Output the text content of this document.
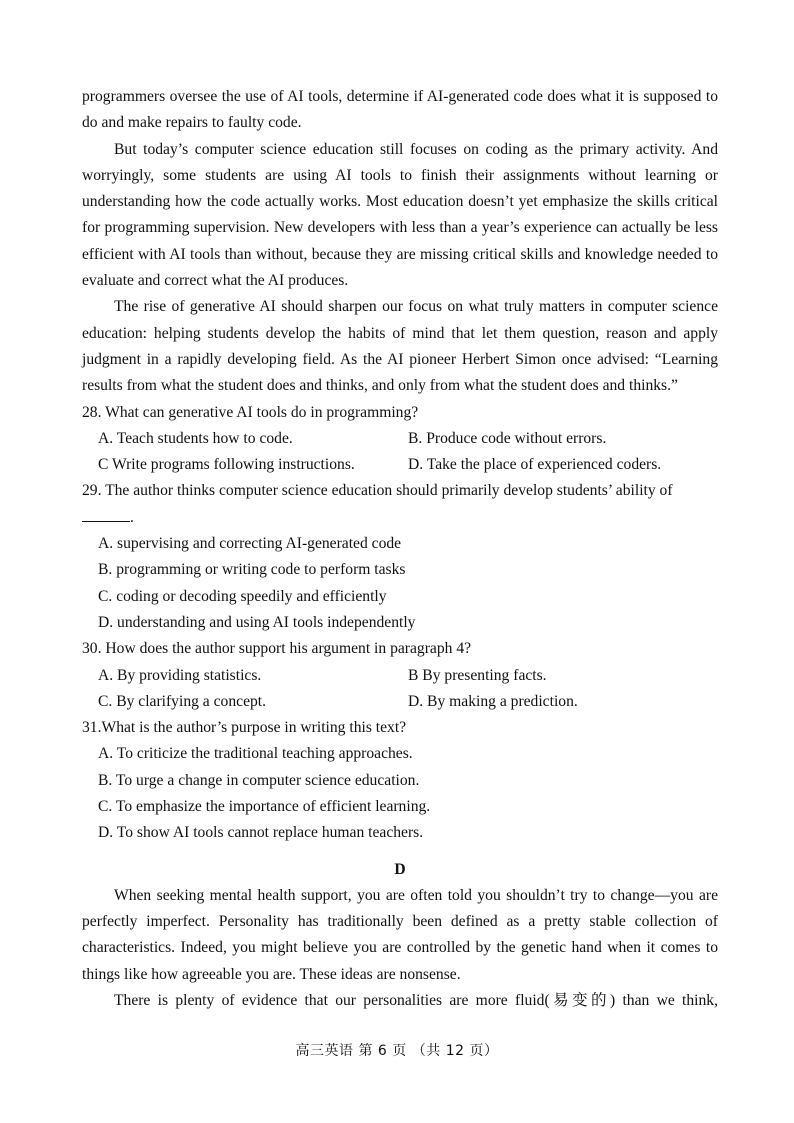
programmers oversee the use of AI tools, determine if AI-generated code does what it is supposed to do and make repairs to faulty code.

But today’s computer science education still focuses on coding as the primary activity. And worryingly, some students are using AI tools to finish their assignments without learning or understanding how the code actually works. Most education doesn’t yet emphasize the skills critical for programming supervision. New developers with less than a year’s experience can actually be less efficient with AI tools than without, because they are missing critical skills and knowledge needed to evaluate and correct what the AI produces.

The rise of generative AI should sharpen our focus on what truly matters in computer science education: helping students develop the habits of mind that let them question, reason and apply judgment in a rapidly developing field. As the AI pioneer Herbert Simon once advised: “Learning results from what the student does and thinks, and only from what the student does and thinks.”

28. What can generative AI tools do in programming?

A. Teach students how to code.	B. Produce code without errors.
C Write programs following instructions.	D. Take the place of experienced coders.

29. The author thinks computer science education should primarily develop students’ ability of.

A. supervising and correcting AI-generated code

B. programming or writing code to perform tasks

C. coding or decoding speedily and efficiently

D. understanding and using AI tools independently

30. How does the author support his argument in paragraph 4?

A. By providing statistics.	B By presenting facts.
C. By clarifying a concept.	D. By making a prediction.

31.What is the author’s purpose in writing this text?

A. To criticize the traditional teaching approaches.

B. To urge a change in computer science education.

C. To emphasize the importance of efficient learning.

D. To show AI tools cannot replace human teachers.

D

When seeking mental health support, you are often told you shouldn’t try to change—you are perfectly imperfect. Personality has traditionally been defined as a pretty stable collection of characteristics. Indeed, you might believe you are controlled by the genetic hand when it comes to things like how agreeable you are. These ideas are nonsense.

There is plenty of evidence that our personalities are more fluid(易变的) than we think,

高三英语 第 6 页 （共 12 页）
